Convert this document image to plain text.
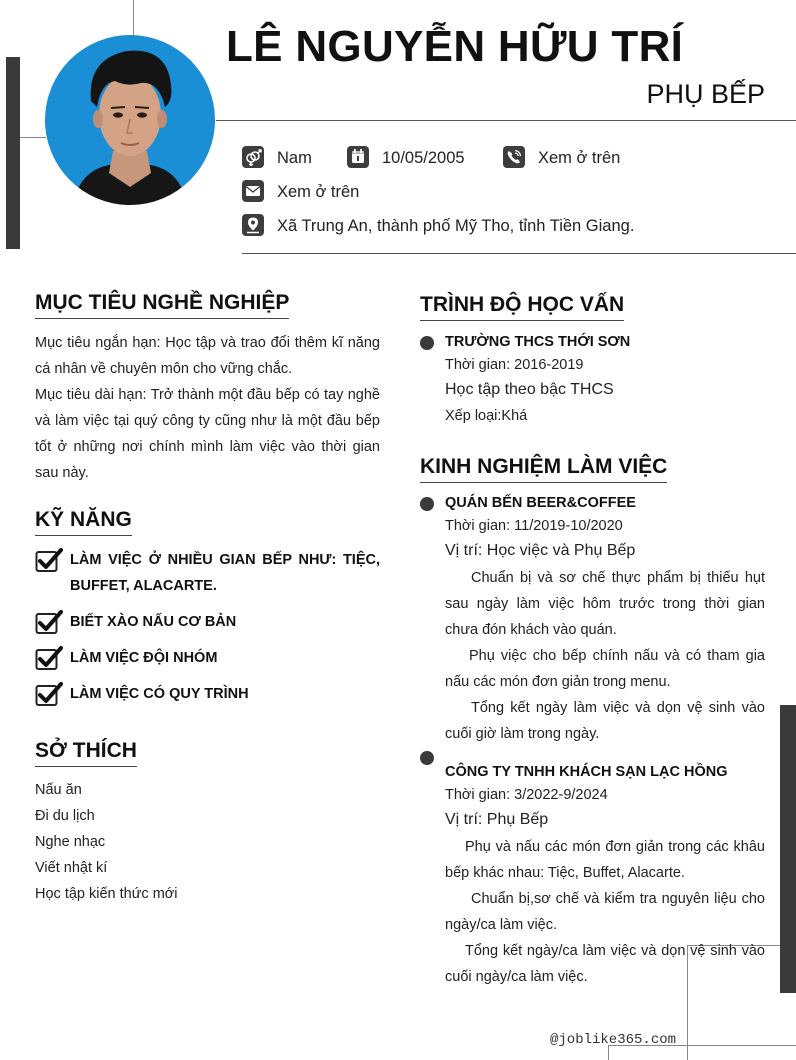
LÊ NGUYỄN HỮU TRÍ
PHỤ BẾP
Nam	10/05/2005	Xem ở trên
Xem ở trên
Xã Trung An, thành phố Mỹ Tho, tỉnh Tiền Giang.
MỤC TIÊU NGHỀ NGHIỆP
Mục tiêu ngắn hạn: Học tập và trao đổi thêm kĩ năng cá nhân về chuyên môn cho vững chắc.
Mục tiêu dài hạn: Trở thành một đầu bếp có tay nghề và làm việc tại quý công ty cũng như là một đầu bếp tốt ở những nơi chính mình làm việc vào thời gian sau này.
KỸ NĂNG
LÀM VIỆC Ở NHIỀU GIAN BẾP NHƯ: TIỆC, BUFFET, ALACARTE.
BIẾT XÀO NẤU CƠ BẢN
LÀM VIỆC ĐỘI NHÓM
LÀM VIỆC CÓ QUY TRÌNH
SỞ THÍCH
Nấu ăn
Đi du lịch
Nghe nhạc
Viết nhật kí
Học tập kiến thức mới
TRÌNH ĐỘ HỌC VẤN
TRƯỜNG THCS THỚI SƠN
Thời gian: 2016-2019
Học tập theo bậc THCS
Xếp loại:Khá
KINH NGHIỆM LÀM VIỆC
QUÁN BẾN BEER&COFFEE
Thời gian: 11/2019-10/2020
Vị trí: Học việc và Phụ Bếp
Chuẩn bị và sơ chế thực phẩm bị thiếu hụt sau ngày làm việc hôm trước trong thời gian chưa đón khách vào quán.
Phụ việc cho bếp chính nấu và có tham gia nấu các món đơn giản trong menu.
Tổng kết ngày làm việc và dọn vệ sinh vào cuối giờ làm trong ngày.
CÔNG TY TNHH KHÁCH SẠN LẠC HỒNG
Thời gian: 3/2022-9/2024
Vị trí: Phụ Bếp
Phụ và nấu các món đơn giản trong các khâu bếp khác nhau: Tiệc, Buffet, Alacarte.
Chuẩn bị,sơ chế và kiểm tra nguyên liệu cho ngày/ca làm việc.
Tổng kết ngày/ca làm việc và dọn vệ sinh vào cuối ngày/ca làm việc.
@joblike365.com
